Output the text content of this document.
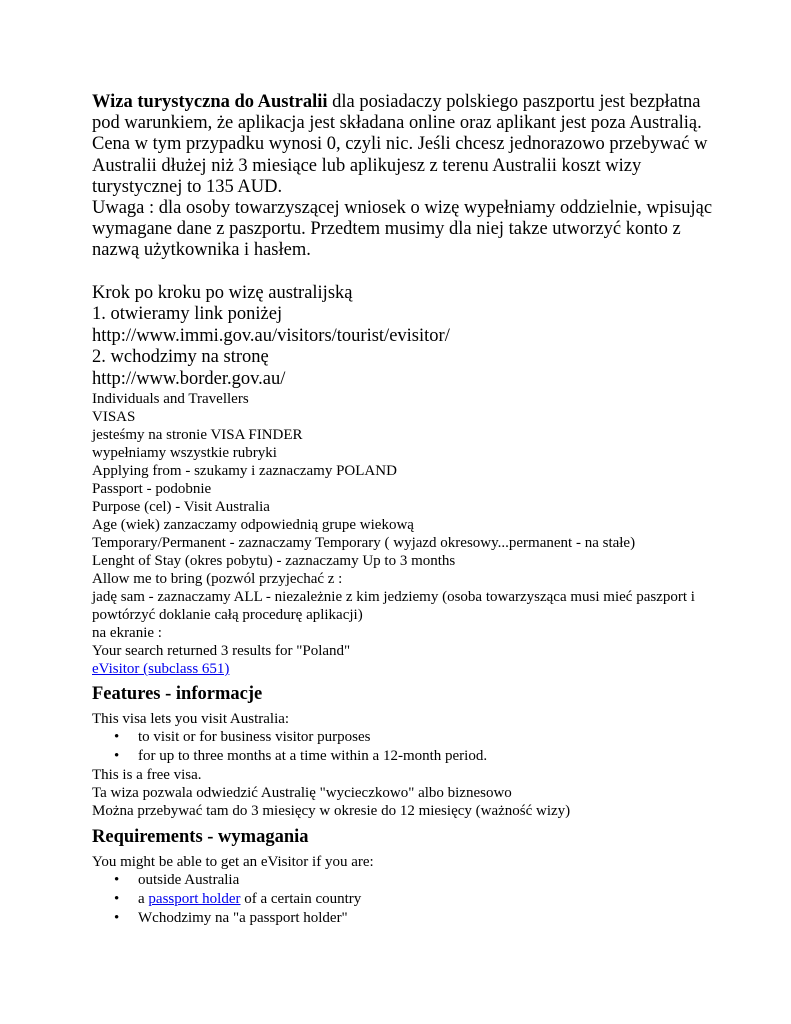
Wiza turystyczna do Australii dla posiadaczy polskiego paszportu jest bezpłatna pod warunkiem, że aplikacja jest składana online oraz aplikant jest poza Australią. Cena w tym przypadku wynosi 0, czyli nic. Jeśli chcesz jednorazowo przebywać w Australii dłużej niż 3 miesiące lub aplikujesz z terenu Australii koszt wizy turystycznej to 135 AUD.

Uwaga : dla osoby towarzyszącej wniosek o wizę wypełniamy oddzielnie, wpisując wymagane dane z paszportu. Przedtem musimy dla niej takze utworzyć konto z nazwą użytkownika i hasłem.

Krok po kroku po wizę australijską
1. otwieramy link poniżej
http://www.immi.gov.au/visitors/tourist/evisitor/
2. wchodzimy na stronę
http://www.border.gov.au/
Individuals and Travellers
VISAS
jesteśmy na stronie VISA FINDER
wypełniamy wszystkie rubryki
Applying from - szukamy i zaznaczamy POLAND
Passport - podobnie
Purpose (cel) - Visit Australia
Age (wiek) zanzaczamy odpowiednią grupe wiekową
Temporary/Permanent - zaznaczamy Temporary ( wyjazd okresowy...permanent - na stałe)
Lenght of Stay (okres pobytu) - zaznaczamy Up to 3 months
Allow me to bring (pozwól przyjechać z :
jadę sam - zaznaczamy ALL - niezależnie z kim jedziemy (osoba towarzysząca musi mieć paszport i powtórzyć doklanie całą procedurę aplikacji)
na ekranie :
Your search returned 3 results for "Poland"
eVisitor (subclass 651)
Features - informacje
This visa lets you visit Australia:
• to visit or for business visitor purposes
• for up to three months at a time within a 12-month period.
This is a free visa.
Ta wiza pozwala odwiedzić Australię "wycieczkowo" albo biznesowo
Można przebywać tam do 3 miesięcy w okresie do 12 miesięcy (ważność wizy)
Requirements - wymagania
You might be able to get an eVisitor if you are:
• outside Australia
• a passport holder of a certain country
• Wchodzimy na "a passport holder"
